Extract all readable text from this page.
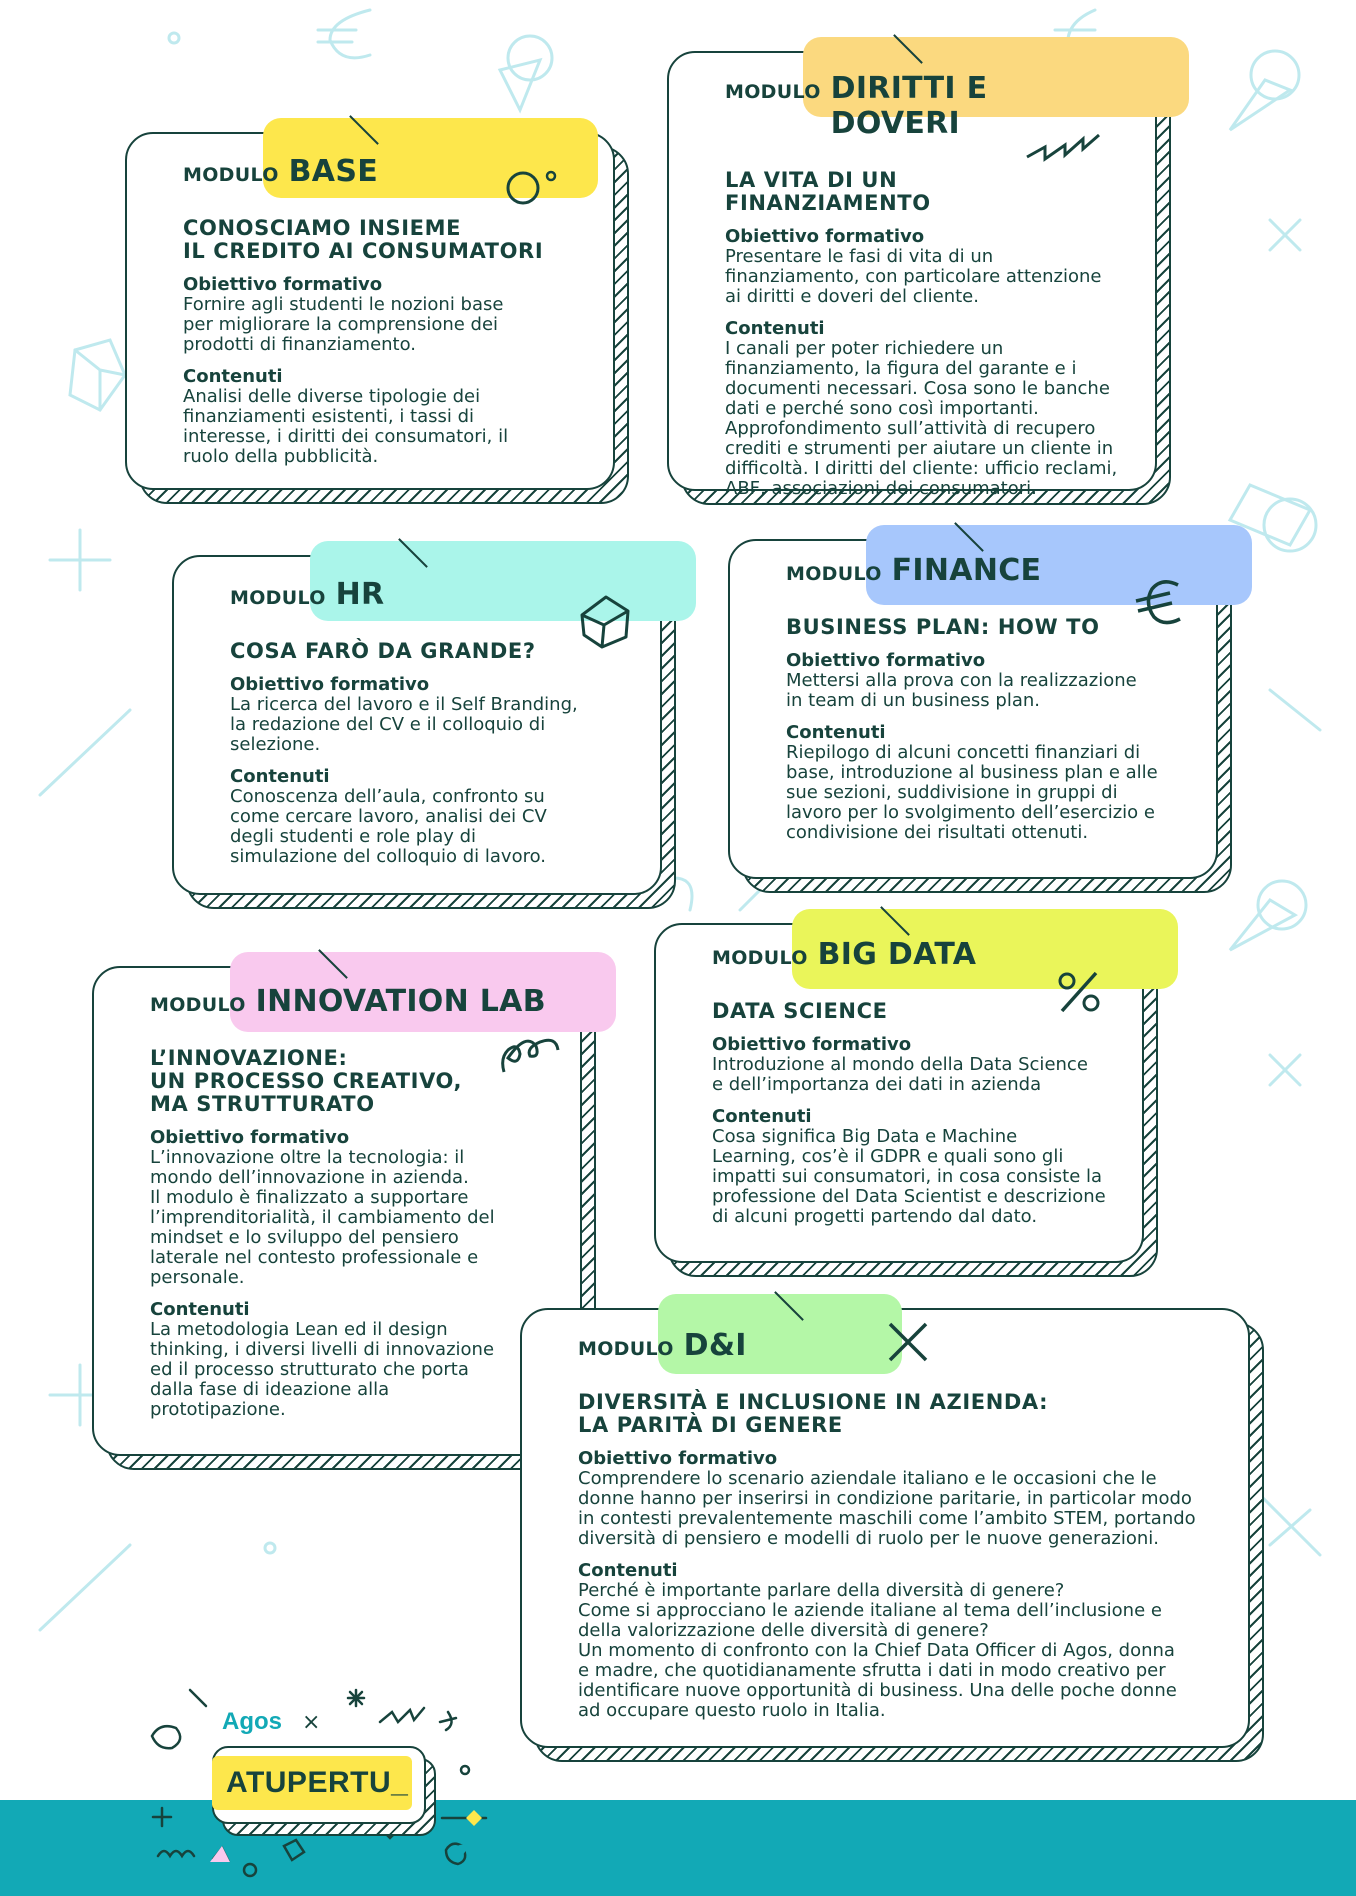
MODULO BASE
CONOSCIAMO INSIEME
IL CREDITO AI CONSUMATORI
Obiettivo formativo
Fornire agli studenti le nozioni base
per migliorare la comprensione dei
prodotti di finanziamento.
Contenuti
Analisi delle diverse tipologie dei
finanziamenti esistenti, i tassi di
interesse, i diritti dei consumatori, il
ruolo della pubblicità.
MODULO DIRITTI E DOVERI
LA VITA DI UN
FINANZIAMENTO
Obiettivo formativo
Presentare le fasi di vita di un
finanziamento, con particolare attenzione
ai diritti e doveri del cliente.
Contenuti
I canali per poter richiedere un
finanziamento, la figura del garante e i
documenti necessari. Cosa sono le banche
dati e perché sono così importanti.
Approfondimento sull’attività di recupero
crediti e strumenti per aiutare un cliente in
difficoltà. I diritti del cliente: ufficio reclami,
ABF, associazioni dei consumatori.
MODULO HR
COSA FARÒ DA GRANDE?
Obiettivo formativo
La ricerca del lavoro e il Self Branding,
la redazione del CV e il colloquio di
selezione.
Contenuti
Conoscenza dell’aula, confronto su
come cercare lavoro, analisi dei CV
degli studenti e role play di
simulazione del colloquio di lavoro.
MODULO FINANCE
BUSINESS PLAN: HOW TO
Obiettivo formativo
Mettersi alla prova con la realizzazione
in team di un business plan.
Contenuti
Riepilogo di alcuni concetti finanziari di
base, introduzione al business plan e alle
sue sezioni, suddivisione in gruppi di
lavoro per lo svolgimento dell’esercizio e
condivisione dei risultati ottenuti.
MODULO INNOVATION LAB
L’INNOVAZIONE:
UN PROCESSO CREATIVO,
MA STRUTTURATO
Obiettivo formativo
L’innovazione oltre la tecnologia: il
mondo dell’innovazione in azienda.
Il modulo è finalizzato a supportare
l’imprenditorialità, il cambiamento del
mindset e lo sviluppo del pensiero
laterale nel contesto professionale e
personale.
Contenuti
La metodologia Lean ed il design
thinking, i diversi livelli di innovazione
ed il processo strutturato che porta
dalla fase di ideazione alla
prototipazione.
MODULO BIG DATA
DATA SCIENCE
Obiettivo formativo
Introduzione al mondo della Data Science
e dell’importanza dei dati in azienda
Contenuti
Cosa significa Big Data e Machine
Learning, cos’è il GDPR e quali sono gli
impatti sui consumatori, in cosa consiste la
professione del Data Scientist e descrizione
di alcuni progetti partendo dal dato.
MODULO D&I
DIVERSITÀ E INCLUSIONE IN AZIENDA:
LA PARITÀ DI GENERE
Obiettivo formativo
Comprendere lo scenario aziendale italiano e le occasioni che le
donne hanno per inserirsi in condizione paritarie, in particolar modo
in contesti prevalentemente maschili come l’ambito STEM, portando
diversità di pensiero e modelli di ruolo per le nuove generazioni.
Contenuti
Perché è importante parlare della diversità di genere?
Come si approcciano le aziende italiane al tema dell’inclusione e
della valorizzazione delle diversità di genere?
Un momento di confronto con la Chief Data Officer di Agos, donna
e madre, che quotidianamente sfrutta i dati in modo creativo per
identificare nuove opportunità di business. Una delle poche donne
ad occupare questo ruolo in Italia.
Agos ×
ATUPERTU_
